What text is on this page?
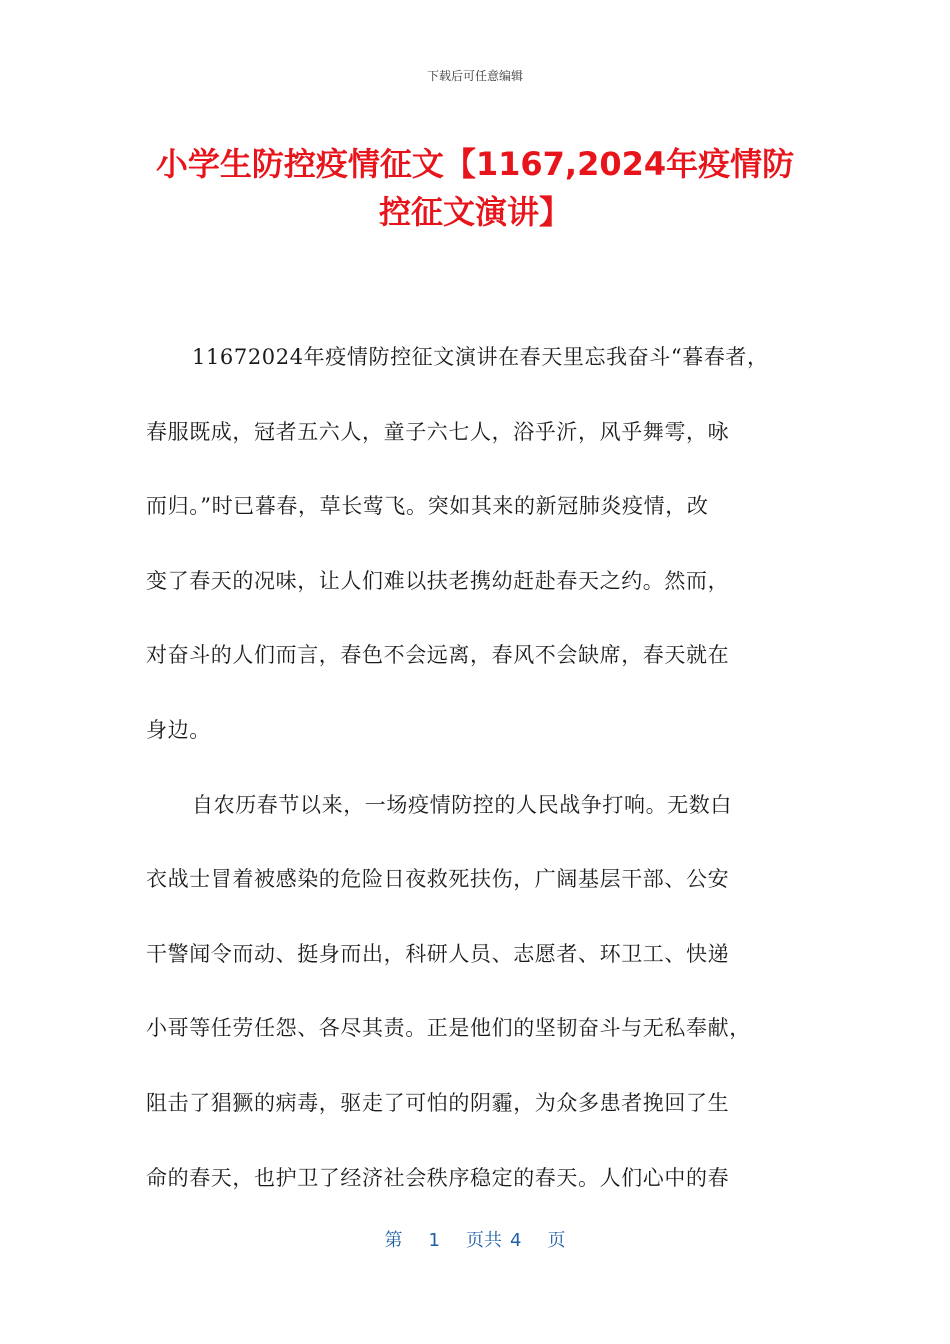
下载后可任意编辑
小学生防控疫情征文【1167,2024年疫情防
控征文演讲】

11672024年疫情防控征文演讲在春天里忘我奋斗“暮春者，
春服既成，冠者五六人，童子六七人，浴乎沂，风乎舞雩，咏
而归。”时已暮春，草长莺飞。突如其来的新冠肺炎疫情，改
变了春天的况味，让人们难以扶老携幼赶赴春天之约。然而，
对奋斗的人们而言，春色不会远离，春风不会缺席，春天就在
身边。

自农历春节以来，一场疫情防控的人民战争打响。无数白
衣战士冒着被感染的危险日夜救死扶伤，广阔基层干部、公安
干警闻令而动、挺身而出，科研人员、志愿者、环卫工、快递
小哥等任劳任怨、各尽其责。正是他们的坚韧奋斗与无私奉献，
阻击了猖獗的病毒，驱走了可怕的阴霾，为众多患者挽回了生
命的春天，也护卫了经济社会秩序稳定的春天。人们心中的春

第 1 页共 4 页
